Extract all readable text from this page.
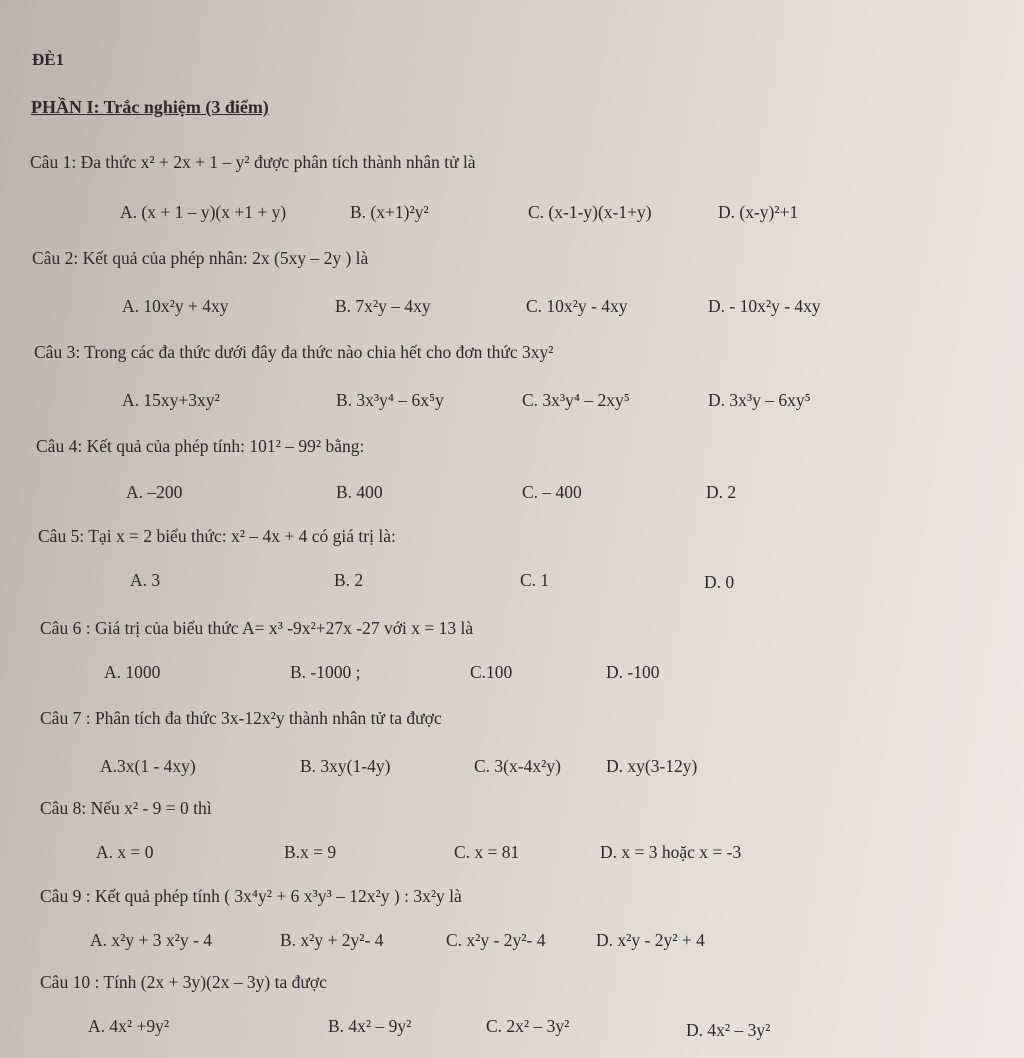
ĐÈ1
PHẦN I: Trắc nghiệm (3 điểm)
Câu 1: Đa thức x² + 2x + 1 – y² được phân tích thành nhân tử là
A. (x + 1 – y)(x +1 + y)	B. (x+1)²y²	C. (x-1-y)(x-1+y)	D. (x-y)²+1
Câu 2: Kết quả của phép nhân: 2x (5xy – 2y ) là
A. 10x²y + 4xy	B. 7x²y – 4xy	C. 10x²y - 4xy	D. - 10x²y - 4xy
Câu 3: Trong các đa thức dưới đây đa thức nào chia hết cho đơn thức 3xy²
A. 15xy+3xy²	B. 3x³y⁴ – 6x⁵y	C. 3x³y⁴ – 2xy⁵	D. 3x³y – 6xy⁵
Câu 4: Kết quả của phép tính: 101² – 99² bằng:
A. –200	B. 400	C. – 400	D. 2
Câu 5: Tại x = 2 biểu thức: x² – 4x + 4 có giá trị là:
A. 3	B. 2	C. 1	D. 0
Câu 6 : Giá trị của biểu thức A= x³ -9x²+27x -27 với x = 13 là
A. 1000	B. -1000 ;	C.100	D. -100
Câu 7 : Phân tích đa thức 3x-12x²y thành nhân tử ta được
A.3x(1 - 4xy)	B. 3xy(1-4y)	C. 3(x-4x²y)	D. xy(3-12y)
Câu 8: Nếu x² - 9 = 0 thì
A. x = 0	B.x = 9	C. x = 81	D. x = 3 hoặc x = -3
Câu 9 : Kết quả phép tính ( 3x⁴y² + 6 x³y³ – 12x²y ) : 3x²y là
A. x²y + 3 x²y - 4	B. x²y + 2y²- 4	C. x²y - 2y²- 4	D. x²y - 2y² + 4
Câu 10 : Tính (2x + 3y)(2x – 3y) ta được
A. 4x² +9y²	B. 4x² – 9y²	C. 2x² – 3y²	D. 4x² – 3y²
